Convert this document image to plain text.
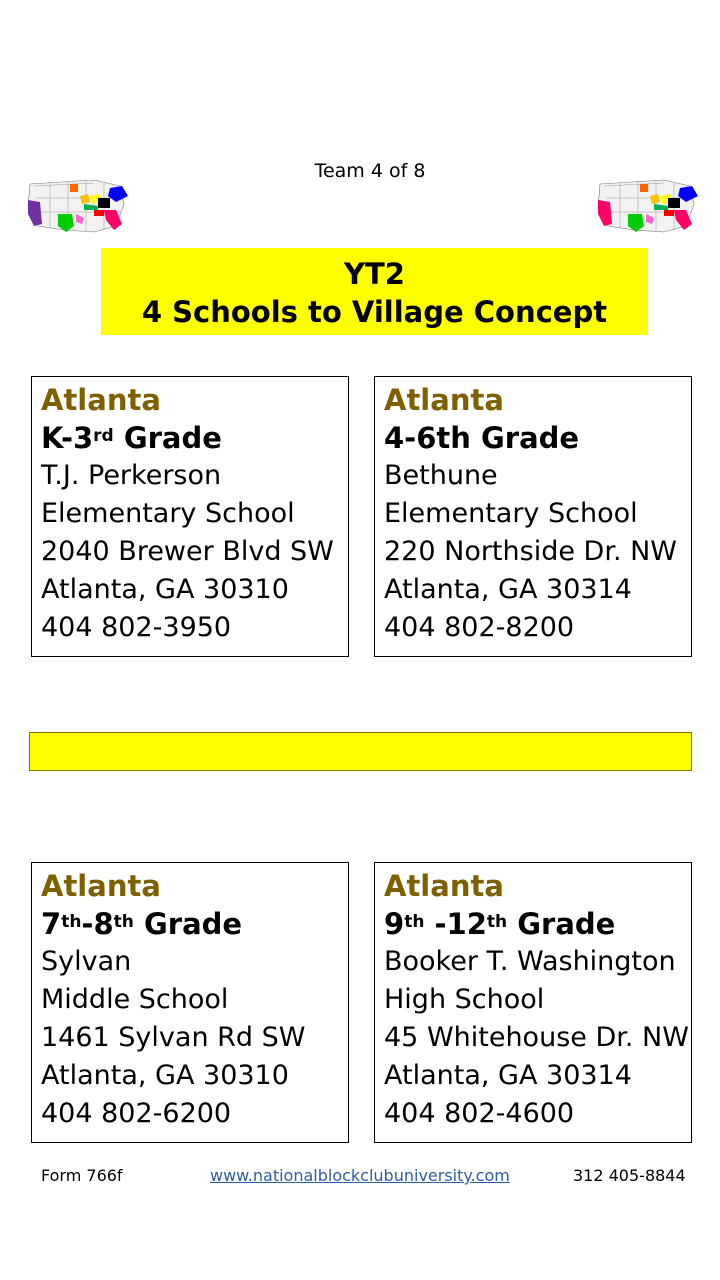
Team 4 of 8
YT2
4 Schools to Village Concept
Atlanta
K-3rd Grade
T.J. Perkerson
Elementary School
2040 Brewer Blvd SW
Atlanta, GA 30310
404 802-3950
Atlanta
4-6th Grade
Bethune
Elementary School
220 Northside Dr. NW
Atlanta, GA 30314
404 802-8200
Atlanta
7th-8th Grade
Sylvan
Middle School
1461 Sylvan Rd SW
Atlanta, GA 30310
404 802-6200
Atlanta
9th -12th Grade
Booker T. Washington
High School
45 Whitehouse Dr. NW
Atlanta, GA 30314
404 802-4600
Form 766f	www.nationalblockclubuniversity.com	312 405-8844
